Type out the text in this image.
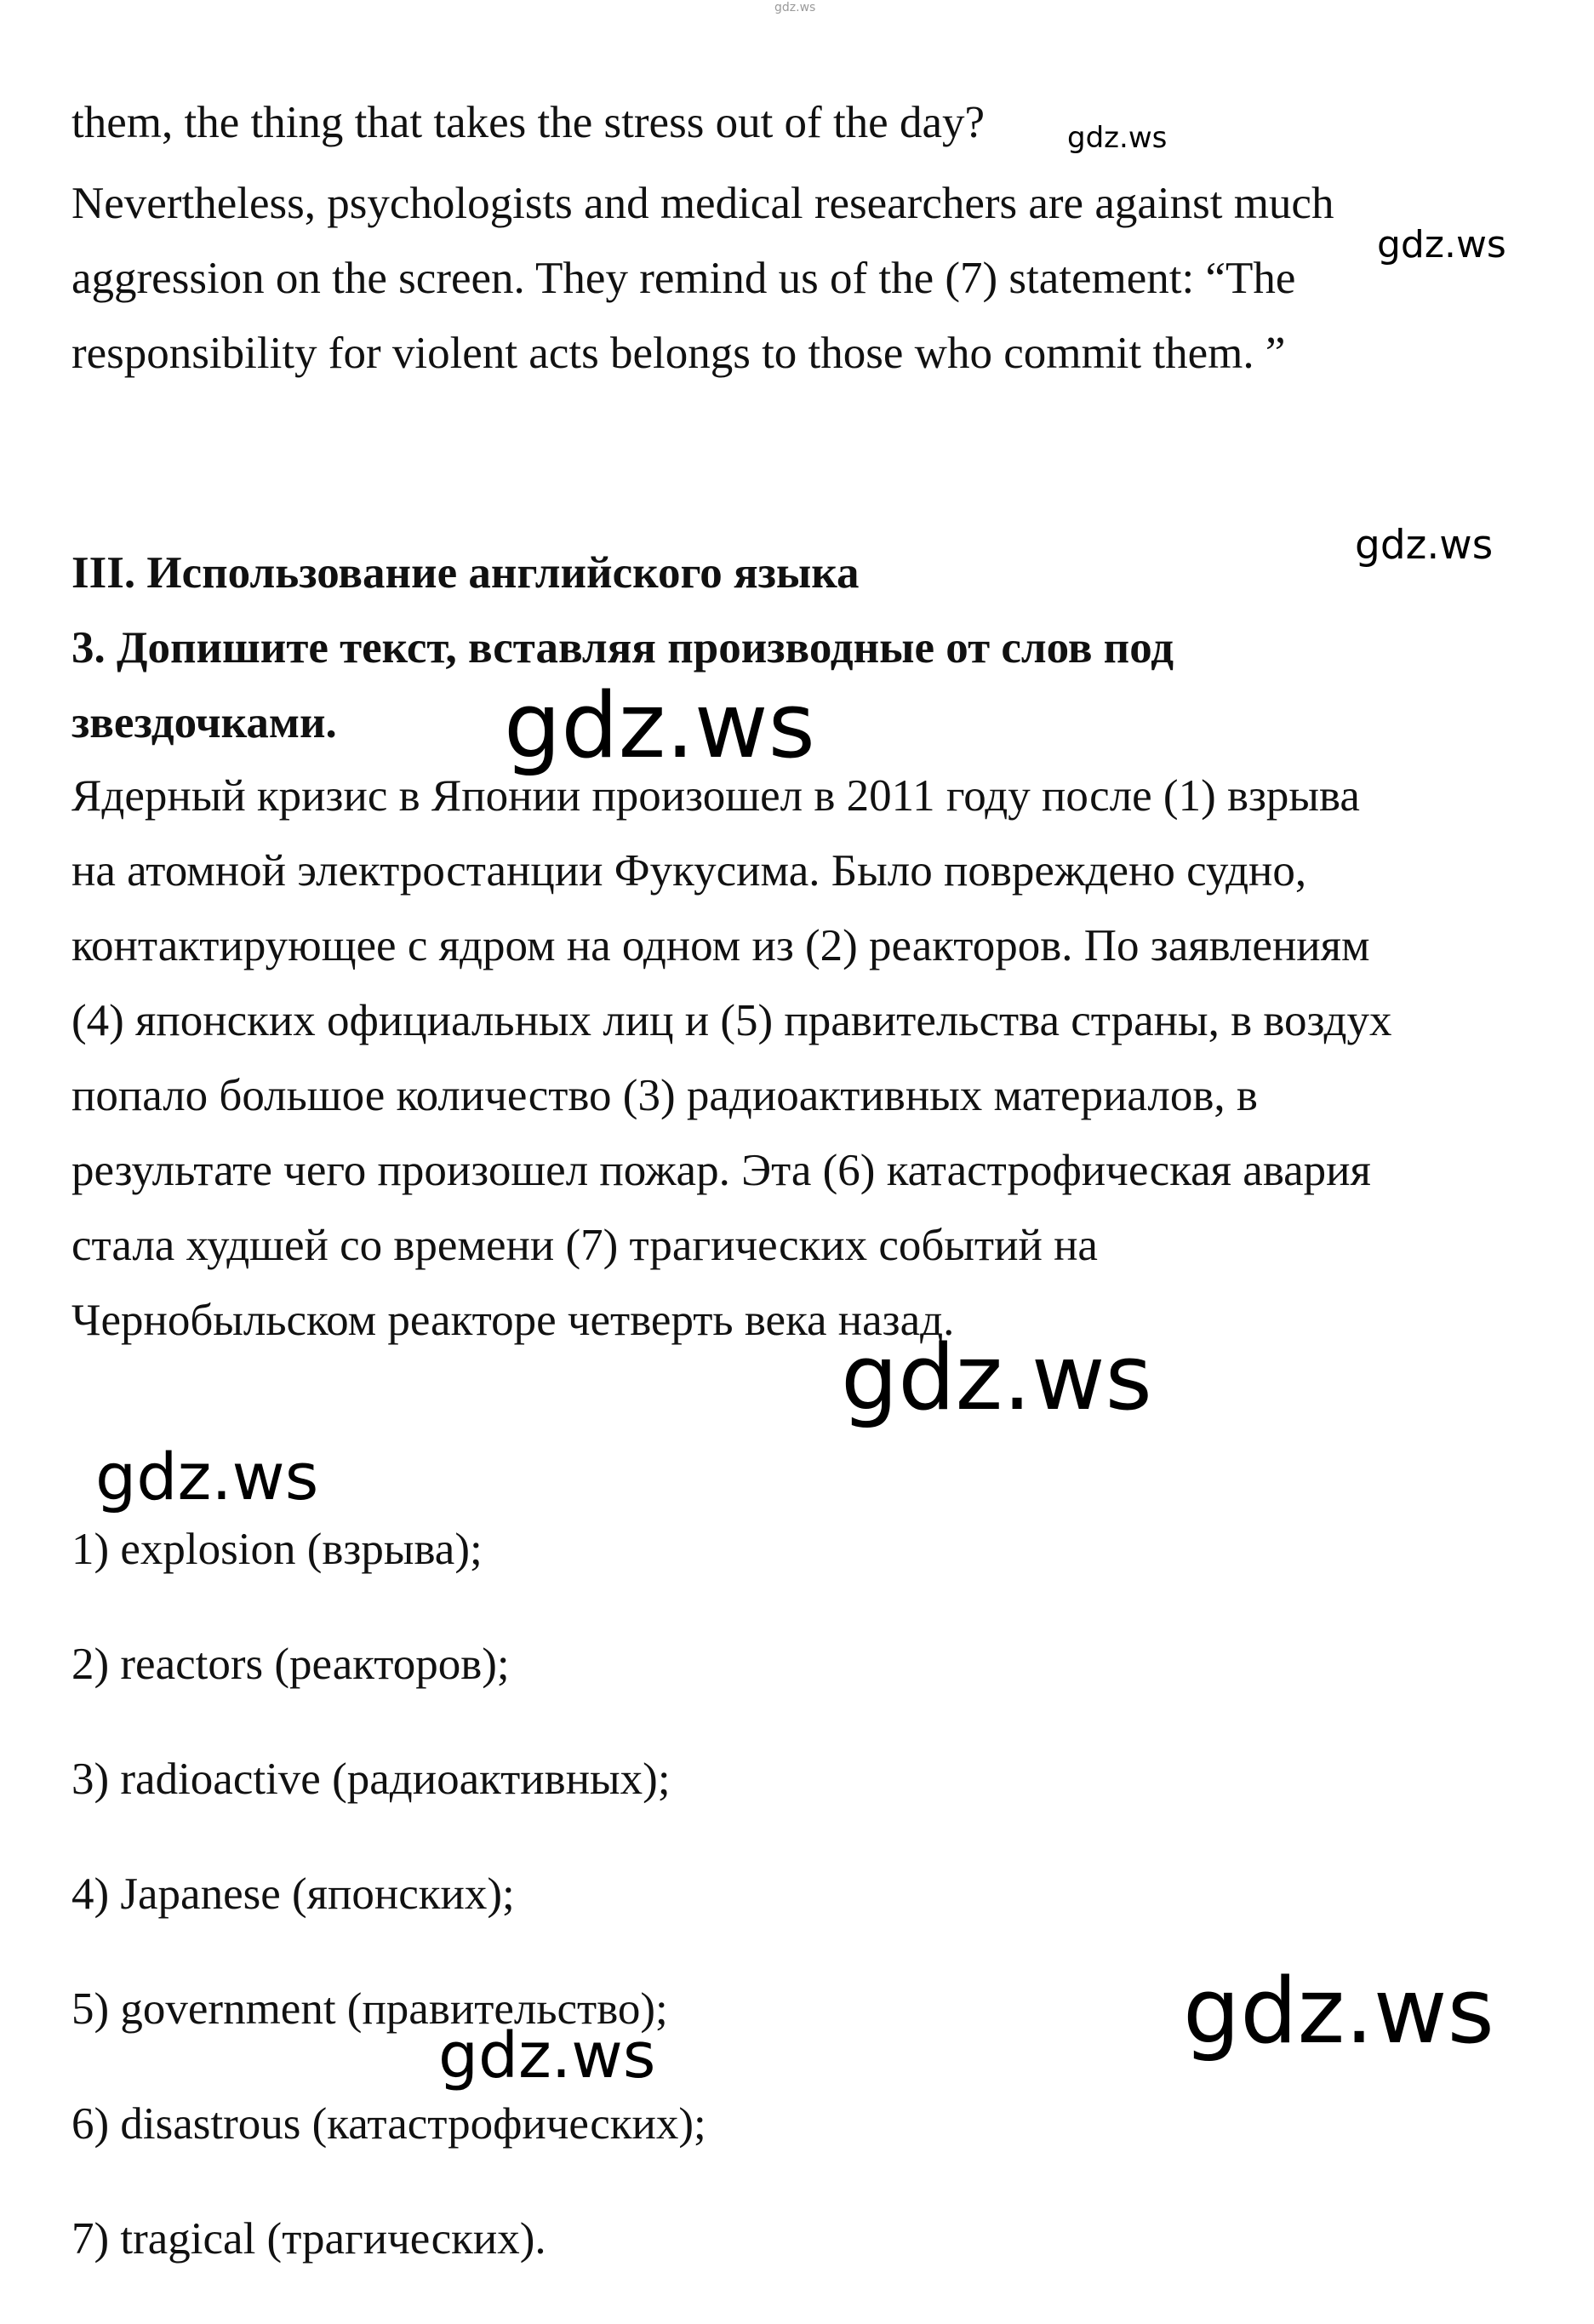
gdz.ws

them, the thing that takes the stress out of the day?

Nevertheless, psychologists and medical researchers are against much

aggression on the screen. They remind us of the (7) statement: “The

responsibility for violent acts belongs to those who commit them. ”

III. Использование английского языка

3. Допишите текст, вставляя производные от слов под

звездочками.

Ядерный кризис в Японии произошел в 2011 году после (1) взрыва

на атомной электростанции Фукусима. Было повреждено судно,

контактирующее с ядром на одном из (2) реакторов. По заявлениям

(4) японских официальных лиц и (5) правительства страны, в воздух

попало большое количество (3) радиоактивных материалов, в

результате чего произошел пожар. Эта (6) катастрофическая авария

стала худшей со времени (7) трагических событий на

Чернобыльском реакторе четверть века назад.

1) explosion (взрыва);

2) reactors (реакторов);

3) radioactive (радиоактивных);

4) Japanese (японских);

5) government (правительство);

6) disastrous (катастрофических);

7) tragical (трагических).

gdz.ws
gdz.ws
gdz.ws
gdz.ws
gdz.ws
gdz.ws
gdz.ws
gdz.ws
